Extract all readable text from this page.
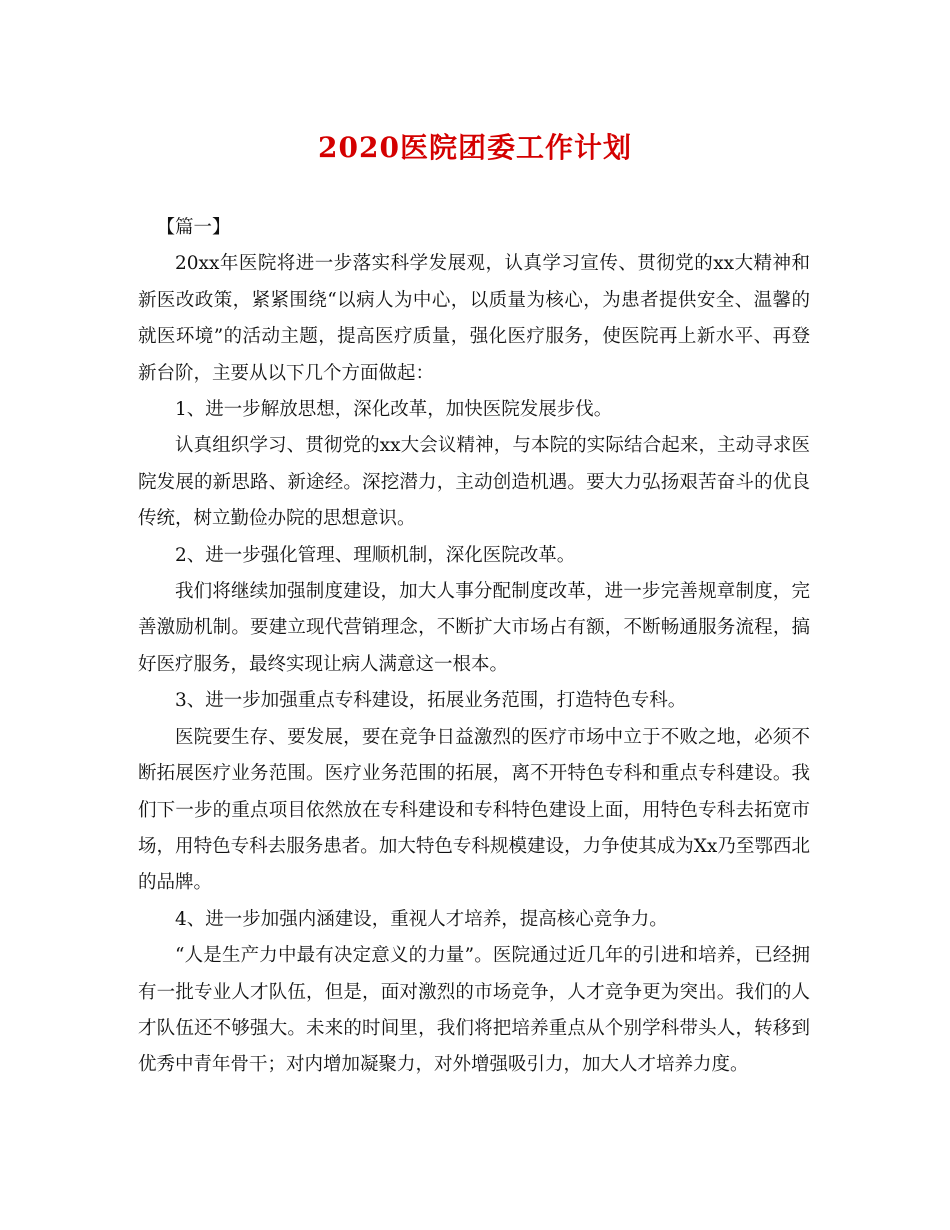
2020医院团委工作计划

【篇一】

20xx年医院将进一步落实科学发展观，认真学习宣传、贯彻党的xx大精神和新医改政策，紧紧围绕“以病人为中心，以质量为核心，为患者提供安全、温馨的就医环境”的活动主题，提高医疗质量，强化医疗服务，使医院再上新水平、再登新台阶，主要从以下几个方面做起：

1、进一步解放思想，深化改革，加快医院发展步伐。

认真组织学习、贯彻党的xx大会议精神，与本院的实际结合起来，主动寻求医院发展的新思路、新途经。深挖潜力，主动创造机遇。要大力弘扬艰苦奋斗的优良传统，树立勤俭办院的思想意识。

2、进一步强化管理、理顺机制，深化医院改革。

我们将继续加强制度建设，加大人事分配制度改革，进一步完善规章制度，完善激励机制。要建立现代营销理念，不断扩大市场占有额，不断畅通服务流程，搞好医疗服务，最终实现让病人满意这一根本。

3、进一步加强重点专科建设，拓展业务范围，打造特色专科。

医院要生存、要发展，要在竞争日益激烈的医疗市场中立于不败之地，必须不断拓展医疗业务范围。医疗业务范围的拓展，离不开特色专科和重点专科建设。我们下一步的重点项目依然放在专科建设和专科特色建设上面，用特色专科去拓宽市场，用特色专科去服务患者。加大特色专科规模建设，力争使其成为Xx乃至鄂西北的品牌。

4、进一步加强内涵建设，重视人才培养，提高核心竞争力。

“人是生产力中最有决定意义的力量”。医院通过近几年的引进和培养，已经拥有一批专业人才队伍，但是，面对激烈的市场竞争，人才竞争更为突出。我们的人才队伍还不够强大。未来的时间里，我们将把培养重点从个别学科带头人，转移到优秀中青年骨干；对内增加凝聚力，对外增强吸引力，加大人才培养力度。
